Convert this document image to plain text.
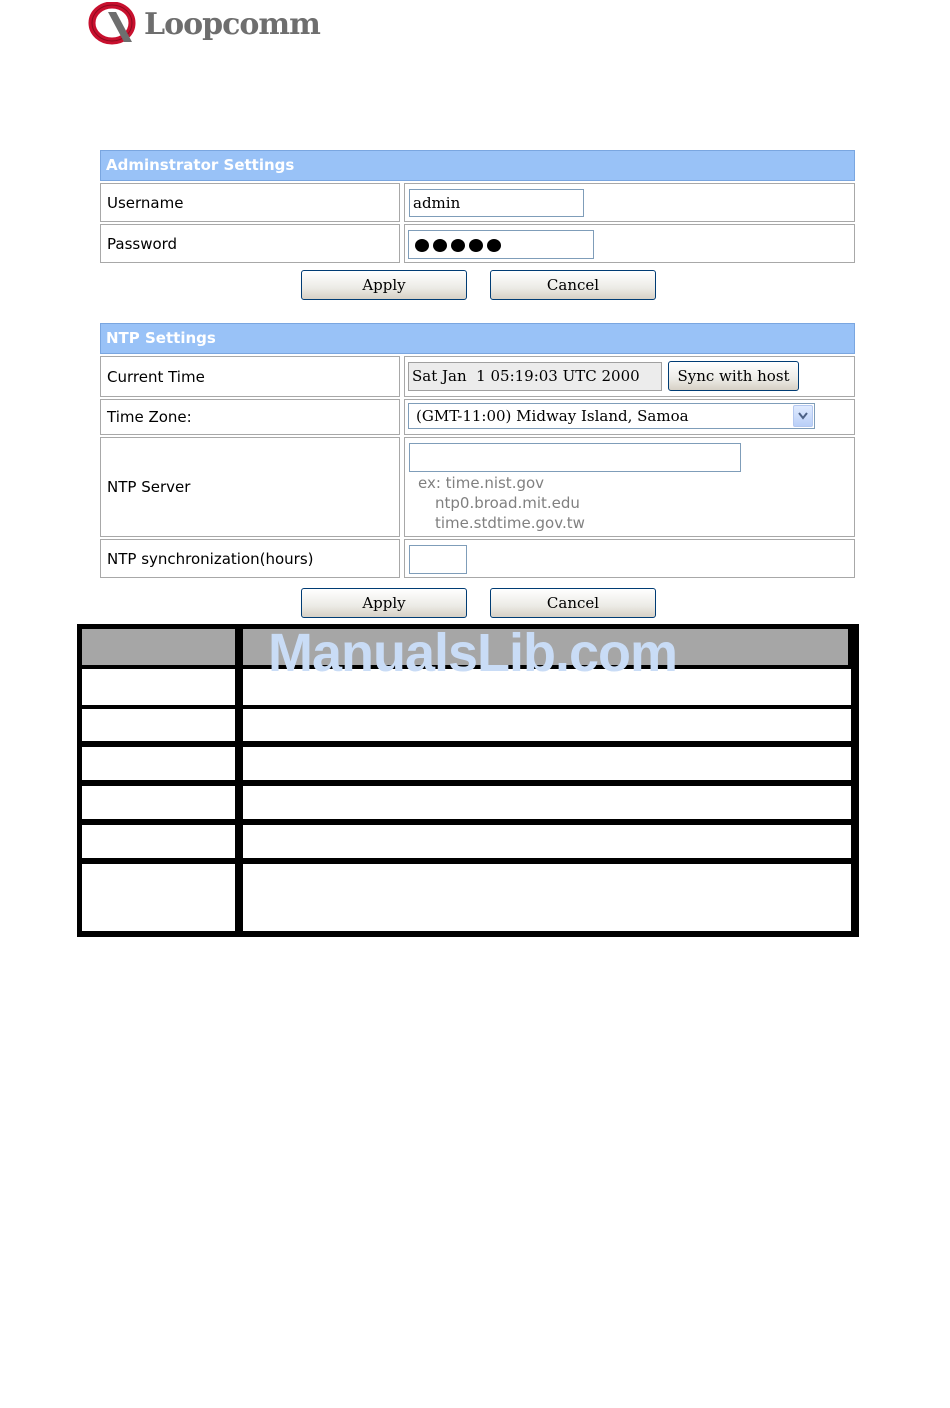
Loopcomm
Adminstrator Settings
Username	admin
Password
Apply	Cancel
NTP Settings
Current Time	Sat Jan  1 05:19:03 UTC 2000	Sync with host
Time Zone:	(GMT-11:00) Midway Island, Samoa
NTP Server	ex: time.nist.gov
ntp0.broad.mit.edu
time.stdtime.gov.tw
NTP synchronization(hours)
Apply	Cancel
ManualsLib.com
